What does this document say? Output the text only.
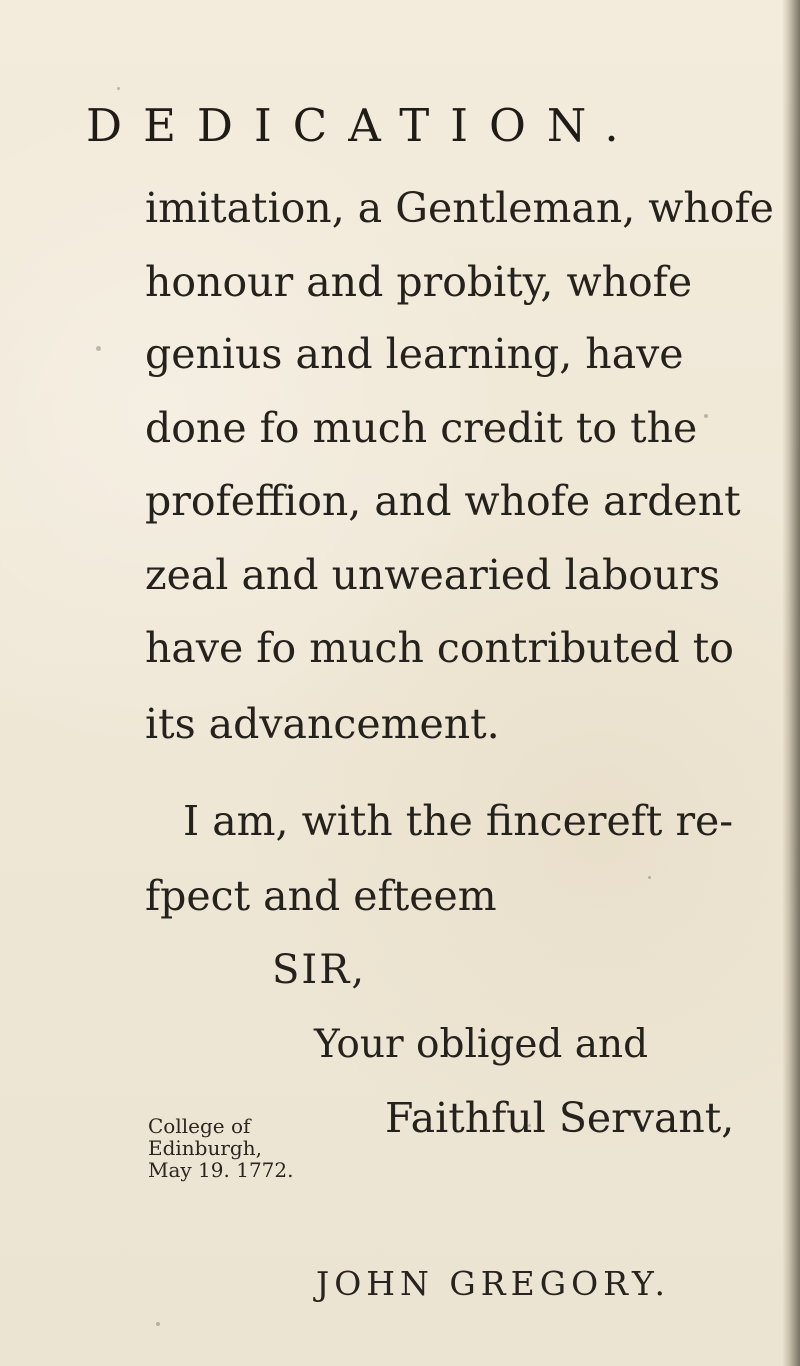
DEDICATION.
imitation, a Gentleman, whofe
honour and probity, whofe
genius and learning, have
done fo much credit to the
profeffion, and whofe ardent
zeal and unwearied labours
have fo much contributed to
its advancement.
I am, with the fincereft re-
fpect and efteem
SIR,
Your obliged and
Faithful Servant,
College of
Edinburgh,
May 19. 1772.
JOHN GREGORY.
